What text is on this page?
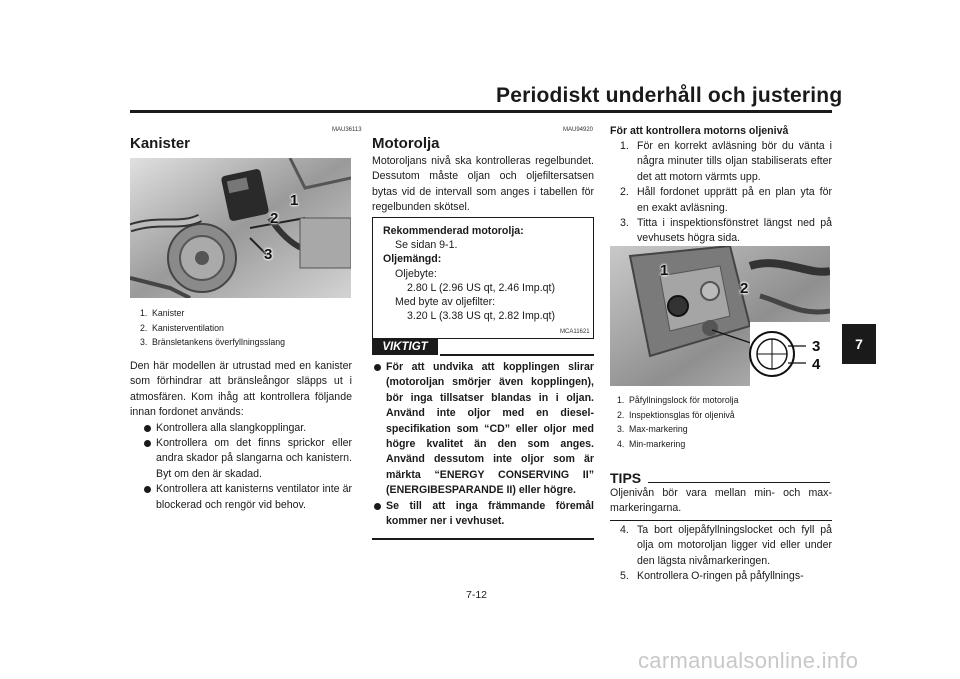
Periodiskt underhåll och justering
7
MAU36113
Kanister
1
2
3
1. Kanister
2. Kanisterventilation
3. Bränsletankens överfyllningsslang

Den här modellen är utrustad med en kanister som förhindrar att bränsleångor släpps ut i atmosfären. Kom ihåg att kontrollera följande innan fordonet används:

Kontrollera alla slangkopplingar.
Kontrollera om det finns sprickor eller andra skador på slangarna och kanistern. Byt om den är skadad.
Kontrollera att kanisterns ventilator inte är blockerad och rengör vid behov.
MAU94920
Motorolja
Motoroljans nivå ska kontrolleras regelbundet. Dessutom måste oljan och oljefiltersatsen bytas vid de intervall som anges i tabellen för regelbunden skötsel.
Rekommenderad motorolja:
Se sidan 9-1.
Oljemängd:
Oljebyte:
2.80 L (2.96 US qt, 2.46 Imp.qt)
Med byte av oljefilter:
3.20 L (3.38 US qt, 2.82 Imp.qt)
MCA11621
VIKTIGT
För att undvika att kopplingen slirar (motoroljan smörjer även kopplingen), bör inga tillsatser blandas in i oljan. Använd inte oljor med en dieselspecifikation som “CD” eller oljor med högre kvalitet än den som anges. Använd dessutom inte oljor som är märkta “ENERGY CONSERVING II” (ENERGIBESPARANDE II) eller högre.
Se till att inga främmande föremål kommer ner i vevhuset.
För att kontrollera motorns oljenivå
1. För en korrekt avläsning bör du vänta i några minuter tills oljan stabiliserats efter det att motorn värmts upp.
2. Håll fordonet upprätt på en plan yta för en exakt avläsning.
3. Titta i inspektionsfönstret längst ned på vevhusets högra sida.
1
2
3
4
1. Påfyllningslock för motorolja
2. Inspektionsglas för oljenivå
3. Max-markering
4. Min-markering
TIPS
Oljenivån bör vara mellan min- och max-markeringarna.
4. Ta bort oljepåfyllningslocket och fyll på olja om motoroljan ligger vid eller under den lägsta nivåmarkeringen.
5. Kontrollera O-ringen på påfyllnings-
7-12
carmanualsonline.info
